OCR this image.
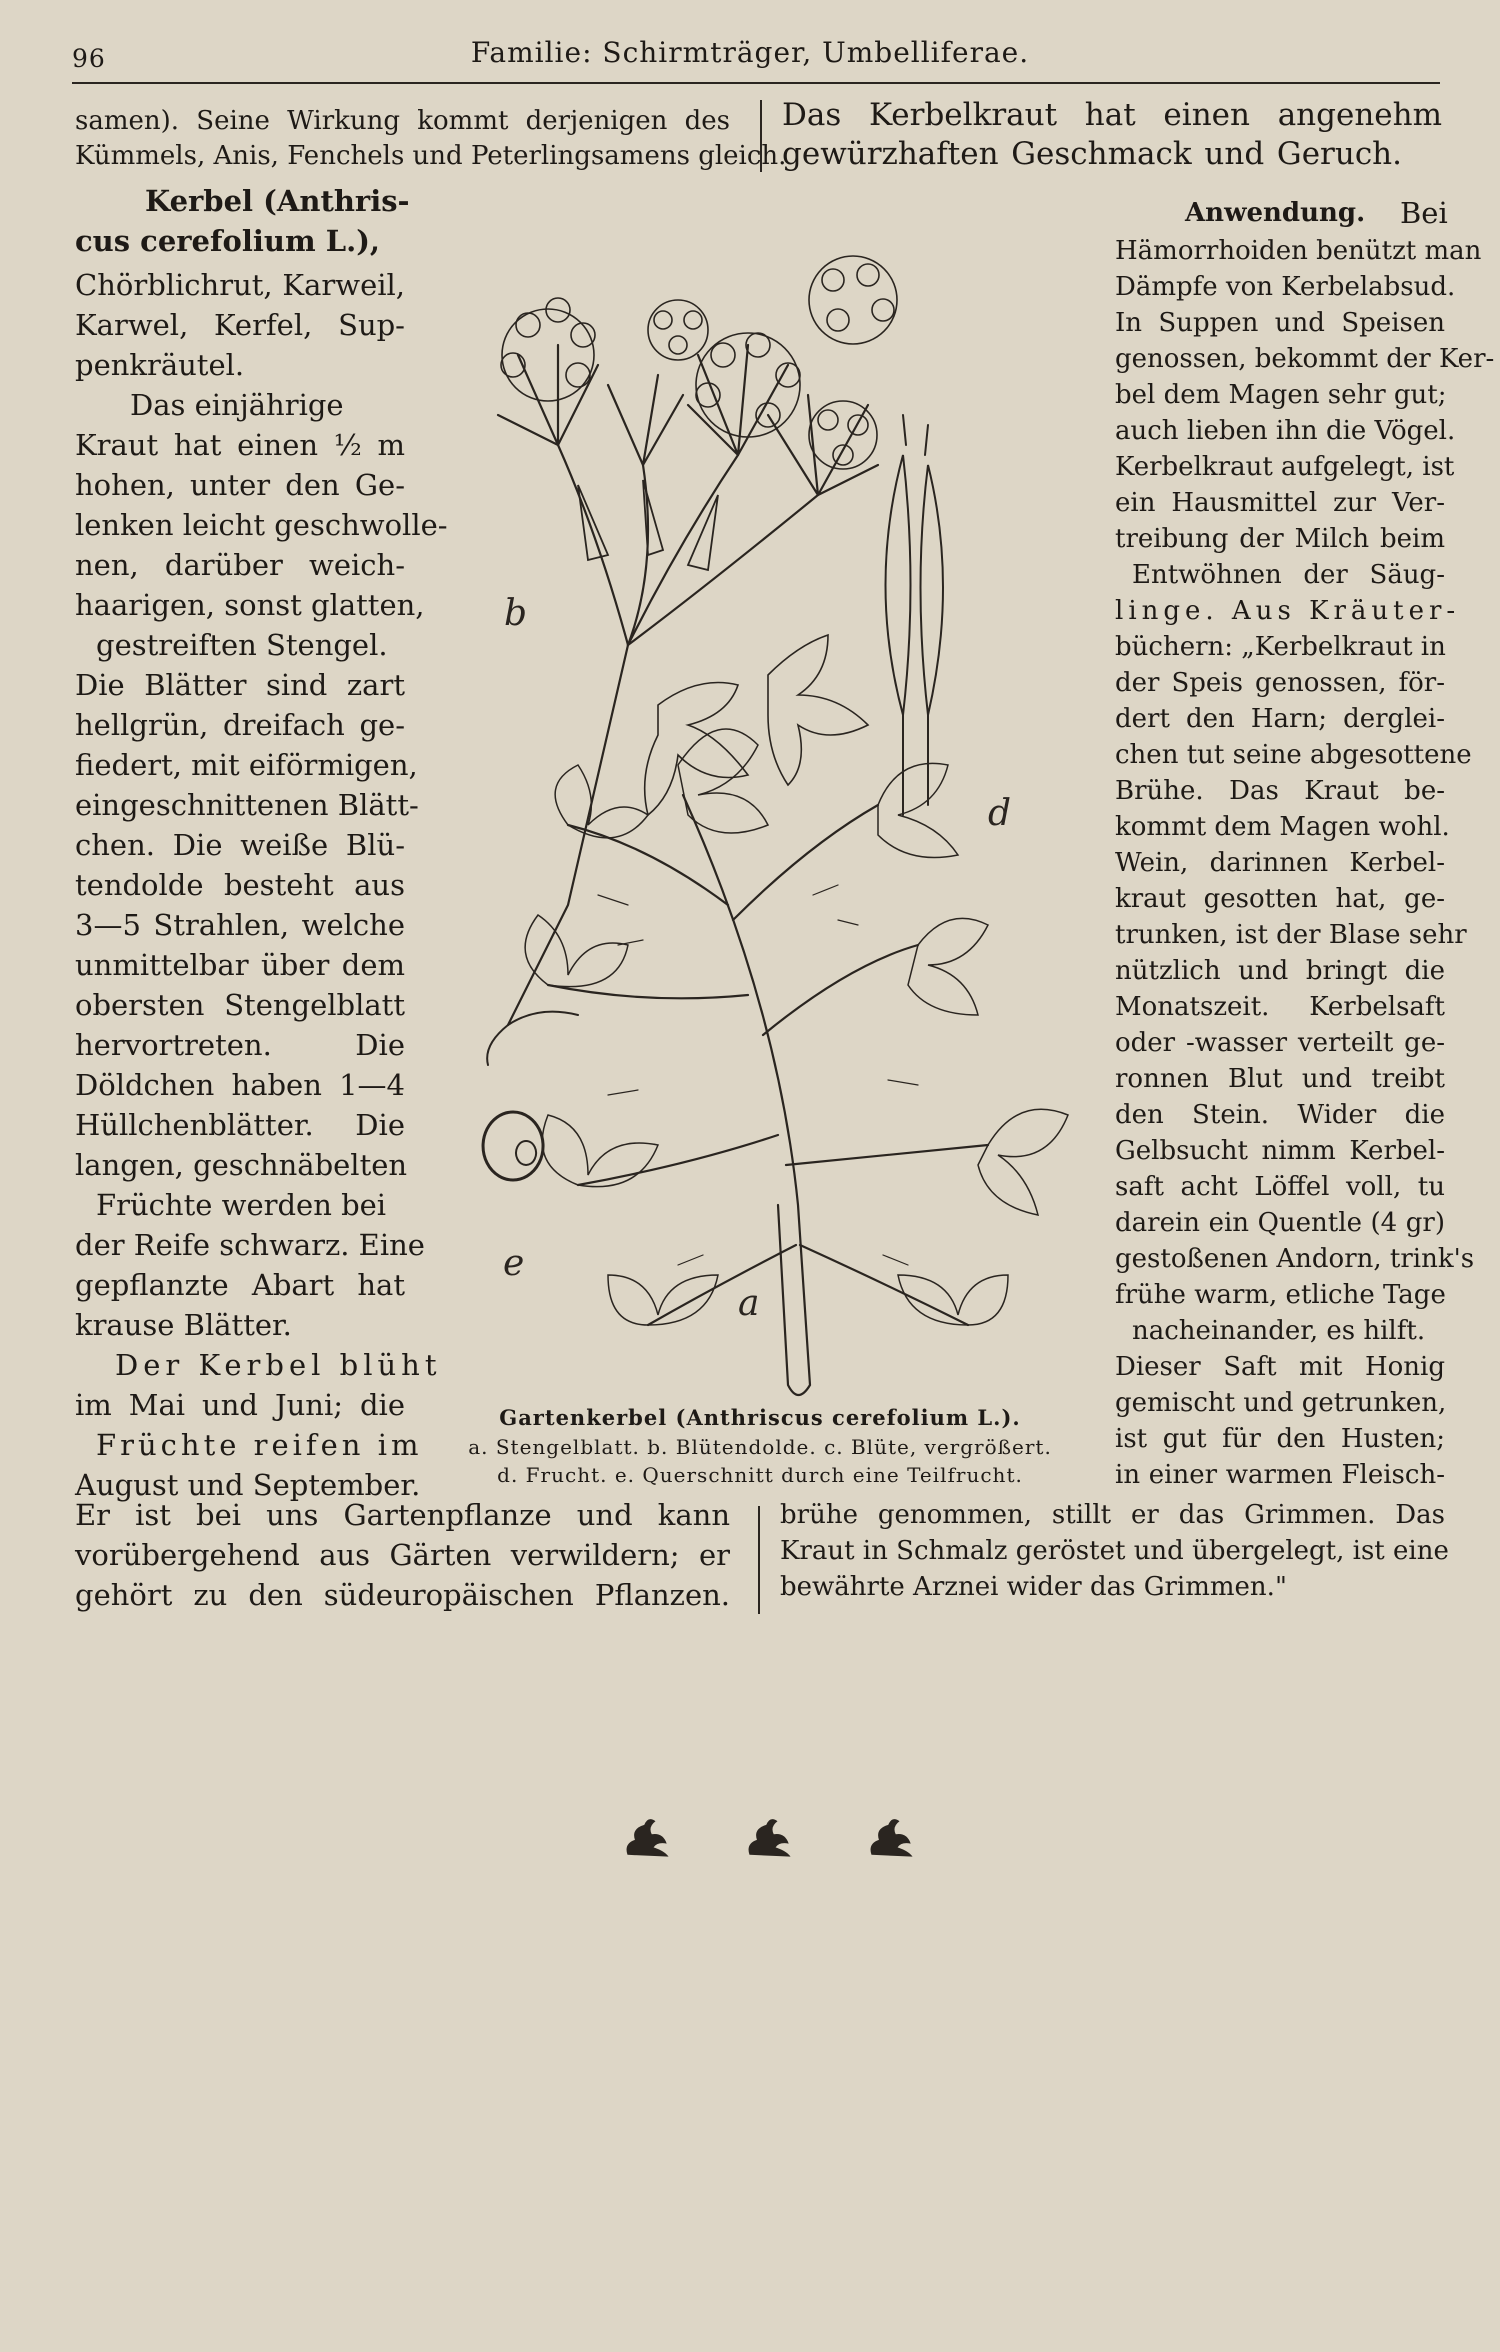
96	Familie: Schirmträger, Umbelliferae.
samen). Seine Wirkung kommt derjenigen des
Kümmels, Anis, Fenchels und Peterlingsamens gleich.
Das Kerbelkraut hat einen angenehm
gewürzhaften Geschmack und Geruch.
Kerbel (Anthris-
cus cerefolium L.),
Chörblichrut, Karweil,
Karwel, Kerfel, Sup-
penkräutel.
Das einjährige
Kraut hat einen ½ m
hohen, unter den Ge-
lenken leicht geschwolle-
nen, darüber weich-
haarigen, sonst glatten,
gestreiften Stengel.
Die Blätter sind zart
hellgrün, dreifach ge-
fiedert, mit eiförmigen,
eingeschnittenen Blätt-
chen. Die weiße Blü-
tendolde besteht aus
3—5 Strahlen, welche
unmittelbar über dem
obersten Stengelblatt
hervortreten. Die
Döldchen haben 1—4
Hüllchenblätter. Die
langen, geschnäbelten
Früchte werden bei
der Reife schwarz. Eine
gepflanzte Abart hat
krause Blätter.
Der Kerbel blüht
im Mai und Juni; die
Früchte reifen im
August und September.
b
d
e
a
Gartenkerbel (Anthriscus cerefolium L.).
a. Stengelblatt. b. Blütendolde. c. Blüte, vergrößert.
d. Frucht. e. Querschnitt durch eine Teilfrucht.
Anwendung. Bei
Hämorrhoiden benützt man
Dämpfe von Kerbelabsud.
In Suppen und Speisen
genossen, bekommt der Ker-
bel dem Magen sehr gut;
auch lieben ihn die Vögel.
Kerbelkraut aufgelegt, ist
ein Hausmittel zur Ver-
treibung der Milch beim
Entwöhnen der Säug-
linge. Aus Kräuter-
büchern: „Kerbelkraut in
der Speis genossen, för-
dert den Harn; derglei-
chen tut seine abgesottene
Brühe. Das Kraut be-
kommt dem Magen wohl.
Wein, darinnen Kerbel-
kraut gesotten hat, ge-
trunken, ist der Blase sehr
nützlich und bringt die
Monatszeit. Kerbelsaft
oder -wasser verteilt ge-
ronnen Blut und treibt
den Stein. Wider die
Gelbsucht nimm Kerbel-
saft acht Löffel voll, tu
darein ein Quentle (4 gr)
gestoßenen Andorn, trink's
frühe warm, etliche Tage
nacheinander, es hilft.
Dieser Saft mit Honig
gemischt und getrunken,
ist gut für den Husten;
in einer warmen Fleisch-
Er ist bei uns Gartenpflanze und kann
vorübergehend aus Gärten verwildern; er
gehört zu den südeuropäischen Pflanzen.
brühe genommen, stillt er das Grimmen. Das
Kraut in Schmalz geröstet und übergelegt, ist eine
bewährte Arznei wider das Grimmen."
